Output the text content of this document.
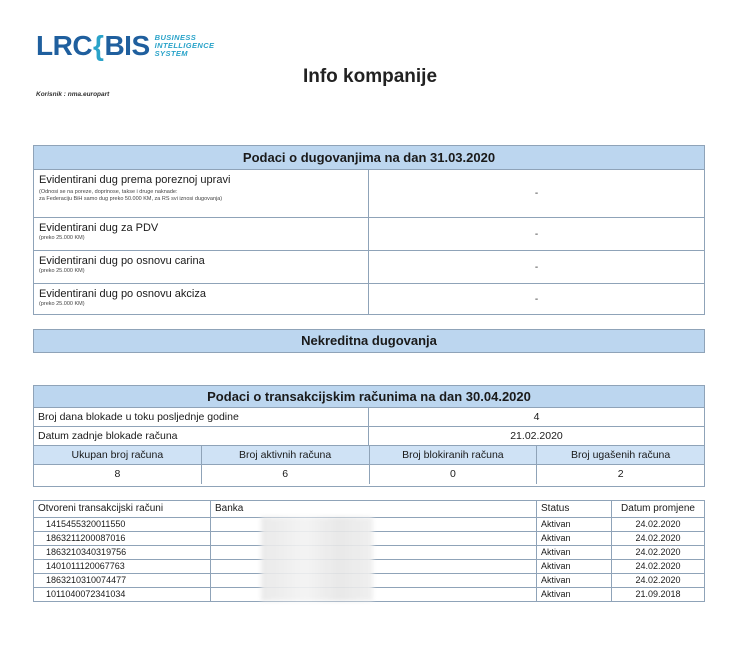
LRC{BIS BUSINESS
INTELLIGENCE
SYSTEM
Info kompanije
Korisnik : nma.europart
Podaci o dugovanjima na dan 31.03.2020
Evidentirani dug prema poreznoj upravi
(Odnosi se na poreze, doprinose, takse i druge naknade:
za Federaciju BiH samo dug preko 50.000 KM, za RS svi iznosi dugovanja)	-
Evidentirani dug za PDV
(preko 25.000 KM)	-
Evidentirani dug po osnovu carina
(preko 25.000 KM)	-
Evidentirani dug po osnovu akciza
(preko 25.000 KM)	-
Nekreditna dugovanja
Podaci o transakcijskim računima na dan 30.04.2020
Broj dana blokade u toku posljednje godine	4
Datum zadnje blokade računa	21.02.2020
Ukupan broj računa	Broj aktivnih računa	Broj blokiranih računa	Broj ugašenih računa
8	6	0	2
Otvoreni transakcijski računi	Banka	Status	Datum promjene
1415455320011550		Aktivan	24.02.2020
1863211200087016		Aktivan	24.02.2020
1863210340319756		Aktivan	24.02.2020
1401011120067763		Aktivan	24.02.2020
1863210310074477		Aktivan	24.02.2020
1011040072341034		Aktivan	21.09.2018
